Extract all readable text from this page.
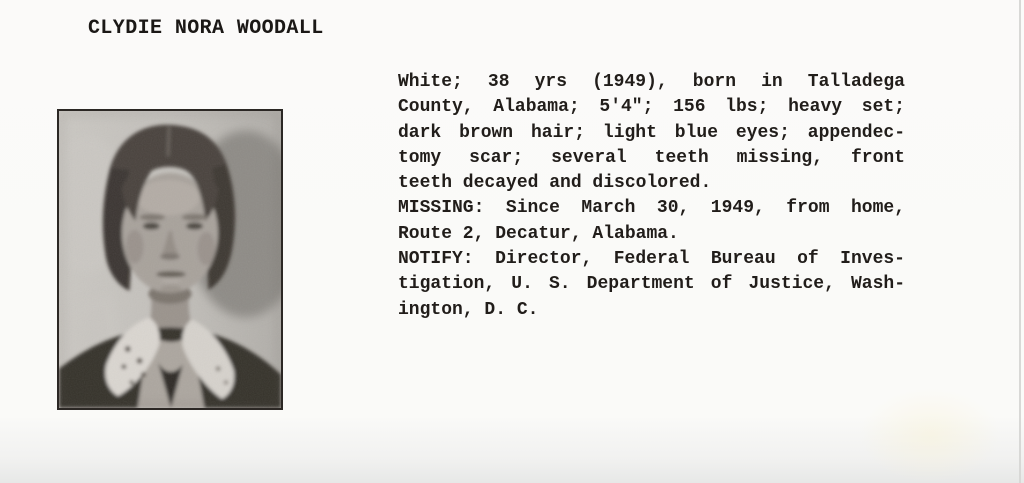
CLYDIE NORA WOODALL
White; 38 yrs (1949), born in Talladega
County, Alabama; 5'4"; 156 lbs; heavy set;
dark brown hair; light blue eyes; appendec-
tomy scar; several teeth missing, front
teeth decayed and discolored.
MISSING: Since March 30, 1949, from home,
Route 2, Decatur, Alabama.
NOTIFY: Director, Federal Bureau of Inves-
tigation, U. S. Department of Justice, Wash-
ington, D. C.
